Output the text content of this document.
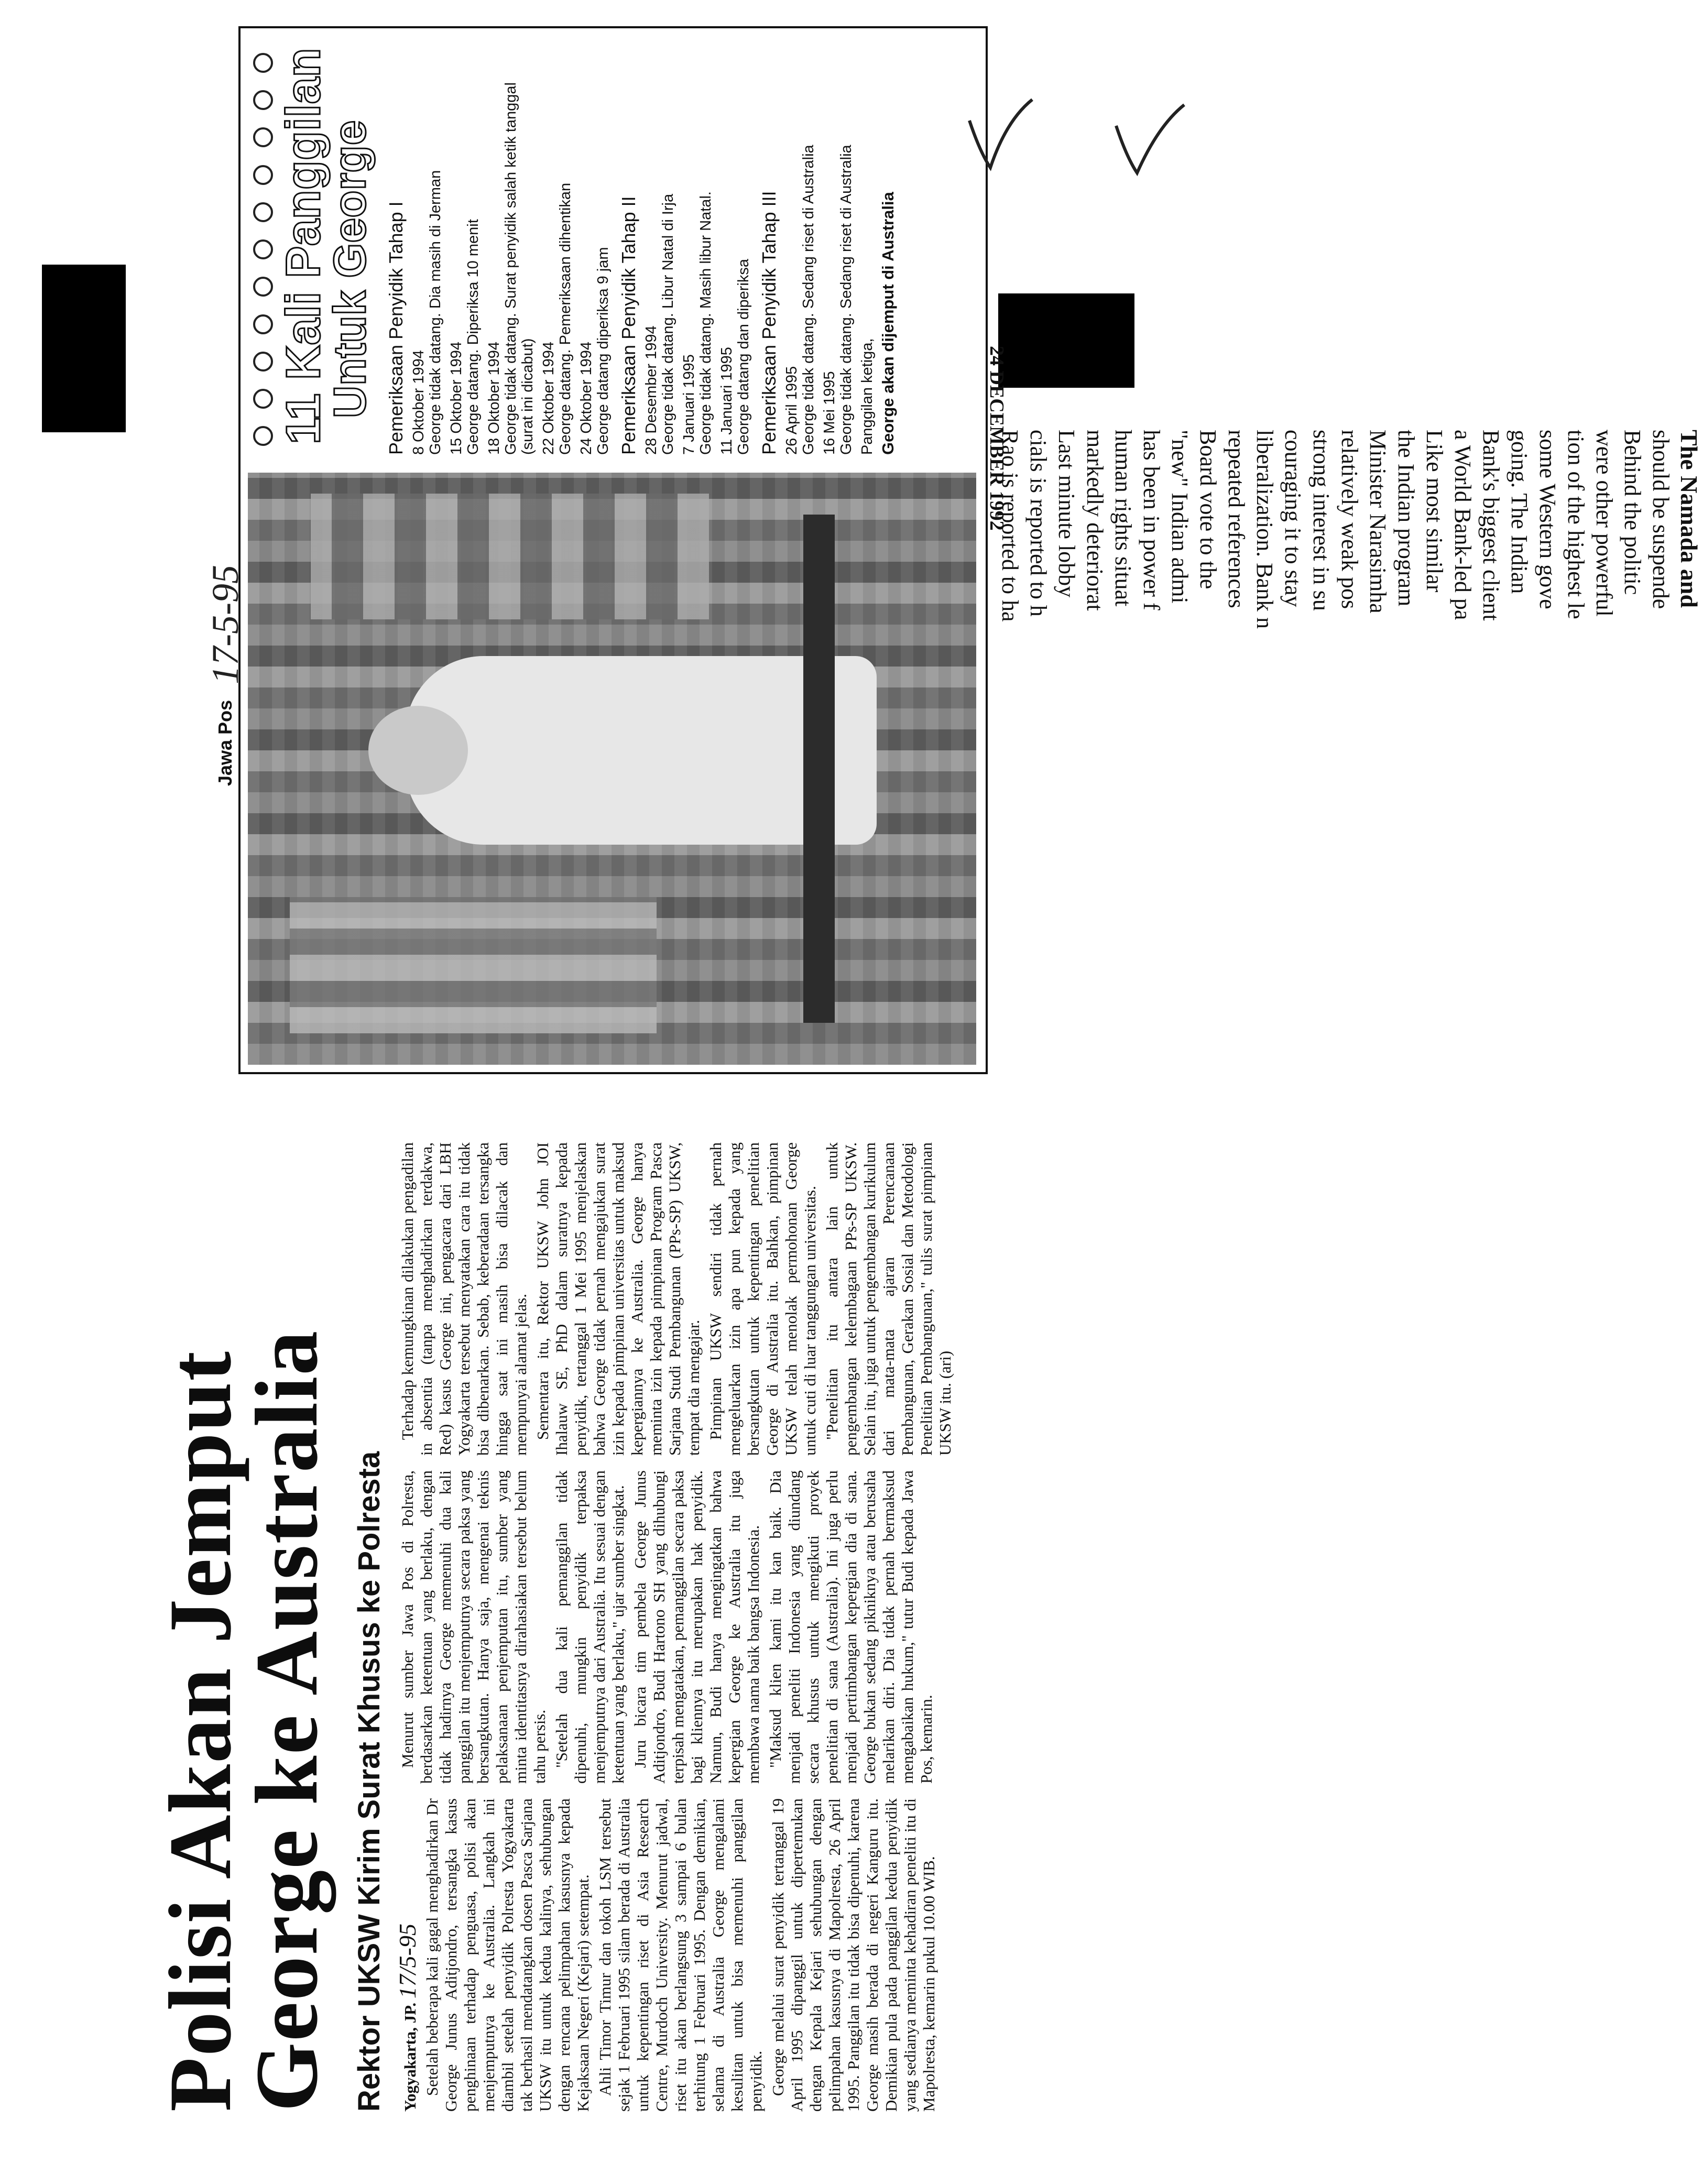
Polisi Akan Jemput
George ke Australia Rektor UKSW Kirim Surat Khusus ke Polresta Yogyakarta, JP. 17/5-95 Setelah beberapa kali gagal menghadirkan Dr George Junus Aditjondro, tersangka kasus penghinaan terhadap penguasa, polisi akan menjemputnya ke Australia. Langkah ini diambil setelah penyidik Polresta Yogyakarta tak berhasil mendatangkan dosen Pasca Sarjana UKSW itu untuk kedua kalinya, sehubungan dengan rencana pelimpahan kasusnya kepada Kejaksaan Negeri (Kejari) setempat. Ahli Timor Timur dan tokoh LSM tersebut sejak 1 Februari 1995 silam berada di Australia untuk kepentingan riset di Asia Research Centre, Murdoch University. Menurut jadwal, riset itu akan berlangsung 3 sampai 6 bulan terhitung 1 Februari 1995. Dengan demikian, selama di Australia George mengalami kesulitan untuk bisa memenuhi panggilan penyidik. George melalui surat penyidik tertanggal 19 April 1995 dipanggil untuk dipertemukan dengan Kepala Kejari sehubungan dengan pelimpahan kasusnya di Mapolresta, 26 April 1995. Panggilan itu tidak bisa dipenuhi, karena George masih berada di negeri Kanguru itu. Demikian pula pada panggilan kedua penyidik yang sedianya meminta kehadiran peneliti itu di Mapolresta, kemarin pukul 10.00 WIB.

Menurut sumber Jawa Pos di Polresta, berdasarkan ketentuan yang berlaku, dengan tidak hadirnya George memenuhi dua kali panggilan itu menjemputnya secara paksa yang bersangkutan. Hanya saja, mengenai teknis pelaksanaan penjemputan itu, sumber yang minta identitasnya dirahasiakan tersebut belum tahu persis. "Setelah dua kali pemanggilan tidak dipenuhi, mungkin penyidik terpaksa menjemputnya dari Australia. Itu sesuai dengan ketentuan yang berlaku," ujar sumber singkat. Juru bicara tim pembela George Junus Aditjondro, Budi Hartono SH yang dihubungi terpisah mengatakan, pemanggilan secara paksa bagi kliennya itu merupakan hak penyidik. Namun, Budi hanya mengingatkan bahwa kepergian George ke Australia itu juga membawa nama baik bangsa Indonesia. "Maksud klien kami itu kan baik. Dia menjadi peneliti Indonesia yang diundang secara khusus untuk mengikuti proyek penelitian di sana (Australia). Ini juga perlu menjadi pertimbangan kepergian dia di sana. George bukan sedang pikniknya atau berusaha melarikan diri. Dia tidak pernah bermaksud mengabaikan hukum," tutur Budi kepada Jawa Pos, kemarin.

Terhadap kemungkinan dilakukan pengadilan in absentia (tanpa menghadirkan terdakwa, Red) kasus George ini, pengacara dari LBH Yogyakarta tersebut menyatakan cara itu tidak bisa dibenarkan. Sebab, keberadaan tersangka hingga saat ini masih bisa dilacak dan mempunyai alamat jelas. Sementara itu, Rektor UKSW John JOI Ihalauw SE, PhD dalam suratnya kepada penyidik, tertanggal 1 Mei 1995 menjelaskan bahwa George tidak pernah mengajukan surat izin kepada pimpinan universitas untuk maksud kepergiannya ke Australia. George hanya meminta izin kepada pimpinan Program Pasca Sarjana Studi Pembangunan (PPs-SP) UKSW, tempat dia mengajar. Pimpinan UKSW sendiri tidak pernah mengeluarkan izin apa pun kepada yang bersangkutan untuk kepentingan penelitian George di Australia itu. Bahkan, pimpinan UKSW telah menolak permohonan George untuk cuti di luar tanggungan universitas. "Penelitian itu antara lain untuk pengembangan kelembagaan PPs-SP UKSW. Selain itu, juga untuk pengembangan kurikulum dari mata-mata ajaran Perencanaan Pembangunan, Gerakan Sosial dan Metodologi Penelitian Pembangunan," tulis surat pimpinan UKSW itu. (ari)

11 Kali Panggilan
Untuk George Pemeriksaan Penyidik Tahap I 8 Oktober 1994 George tidak datang. Dia masih di Jerman 15 Oktober 1994 George datang. Diperiksa 10 menit 18 Oktober 1994 George tidak datang. Surat penyidik salah ketik tanggal (surat ini dicabut) 22 Oktober 1994 George datang. Pemeriksaan dihentikan 24 Oktober 1994 George datang diperiksa 9 jam Pemeriksaan Penyidik Tahap II 28 Desember 1994 George tidak datang. Libur Natal di Irja 7 Januari 1995 George tidak datang. Masih libur Natal. 11 Januari 1995 George datang dan diperiksa Pemeriksaan Penyidik Tahap III 26 April 1995 George tidak datang. Sedang riset di Australia 16 Mei 1995 George tidak datang. Sedang riset di Australia Panggilan ketiga, George akan dijemput di Australia
Jawa Pos
17-5-95
24 DECEMBER 1992	The Namada and
should be suspende
Behind the politic
were other powerful
tion of the highest le
some Western gove
going. The Indian
Bank's biggest client
a World Bank-led pa
Like most similar
the Indian program
Minister Narasimha
relatively weak pos
strong interest in su
couraging it to stay
liberalization. Bank n
repeated references
Board vote to the
"new" Indian admi
has been in power f
human rights situat
markedly deteriorat
Last minute lobby
cials is reported to h
Rao is reported to ha
